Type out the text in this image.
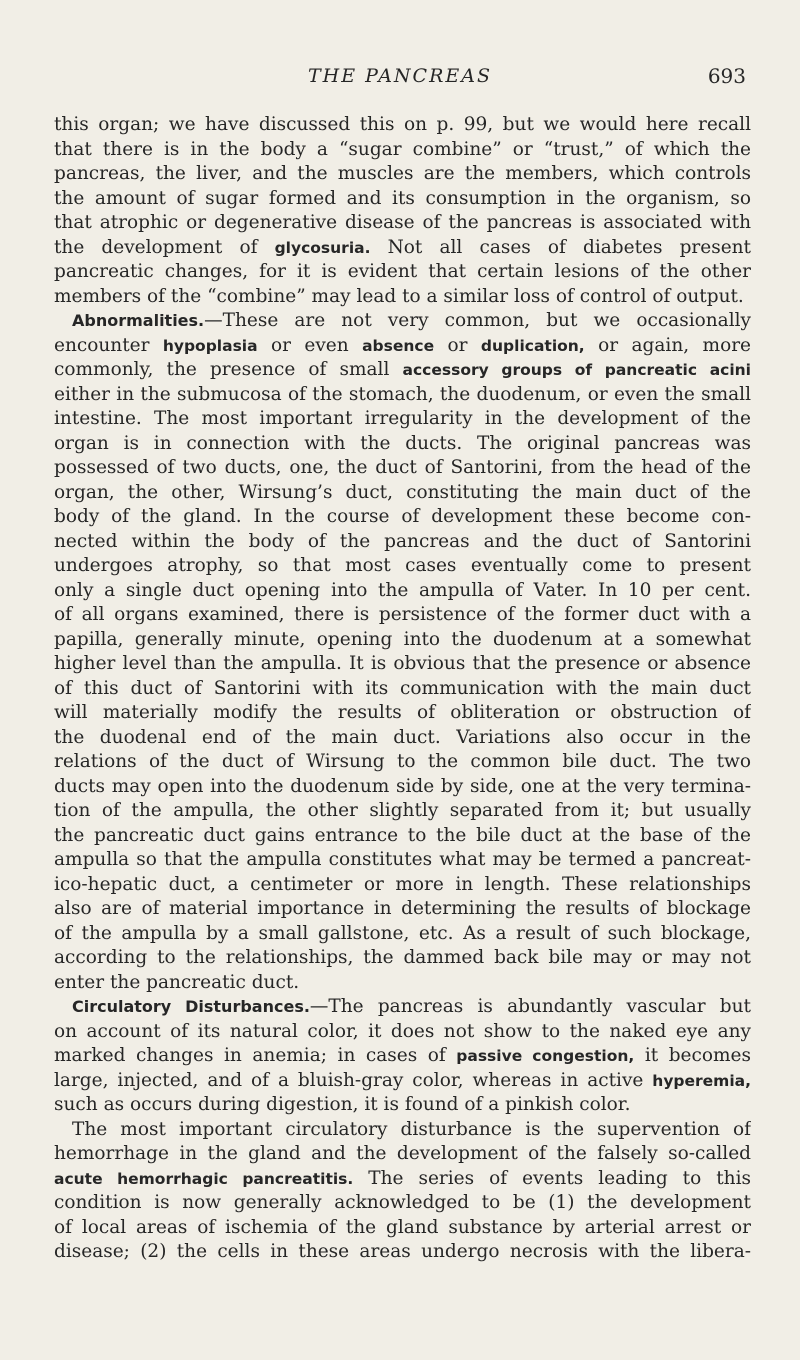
THE PANCREAS	693
this organ; we have discussed this on p. 99, but we would here recall
that there is in the body a “sugar combine” or “trust,” of which the
pancreas, the liver, and the muscles are the members, which controls
the amount of sugar formed and its consumption in the organism, so
that atrophic or degenerative disease of the pancreas is associated with
the development of glycosuria. Not all cases of diabetes present
pancreatic changes, for it is evident that certain lesions of the other
members of the “combine” may lead to a similar loss of control of output.
Abnormalities.—These are not very common, but we occasionally
encounter hypoplasia or even absence or duplication, or again, more
commonly, the presence of small accessory groups of pancreatic acini
either in the submucosa of the stomach, the duodenum, or even the small
intestine. The most important irregularity in the development of the
organ is in connection with the ducts. The original pancreas was
possessed of two ducts, one, the duct of Santorini, from the head of the
organ, the other, Wirsung’s duct, constituting the main duct of the
body of the gland. In the course of development these become con-
nected within the body of the pancreas and the duct of Santorini
undergoes atrophy, so that most cases eventually come to present
only a single duct opening into the ampulla of Vater. In 10 per cent.
of all organs examined, there is persistence of the former duct with a
papilla, generally minute, opening into the duodenum at a somewhat
higher level than the ampulla. It is obvious that the presence or absence
of this duct of Santorini with its communication with the main duct
will materially modify the results of obliteration or obstruction of
the duodenal end of the main duct. Variations also occur in the
relations of the duct of Wirsung to the common bile duct. The two
ducts may open into the duodenum side by side, one at the very termina-
tion of the ampulla, the other slightly separated from it; but usually
the pancreatic duct gains entrance to the bile duct at the base of the
ampulla so that the ampulla constitutes what may be termed a pancreat-
ico-hepatic duct, a centimeter or more in length. These relationships
also are of material importance in determining the results of blockage
of the ampulla by a small gallstone, etc. As a result of such blockage,
according to the relationships, the dammed back bile may or may not
enter the pancreatic duct.
Circulatory Disturbances.—The pancreas is abundantly vascular but
on account of its natural color, it does not show to the naked eye any
marked changes in anemia; in cases of passive congestion, it becomes
large, injected, and of a bluish-gray color, whereas in active hyperemia,
such as occurs during digestion, it is found of a pinkish color.
The most important circulatory disturbance is the supervention of
hemorrhage in the gland and the development of the falsely so-called
acute hemorrhagic pancreatitis. The series of events leading to this
condition is now generally acknowledged to be (1) the development
of local areas of ischemia of the gland substance by arterial arrest or
disease; (2) the cells in these areas undergo necrosis with the libera-
